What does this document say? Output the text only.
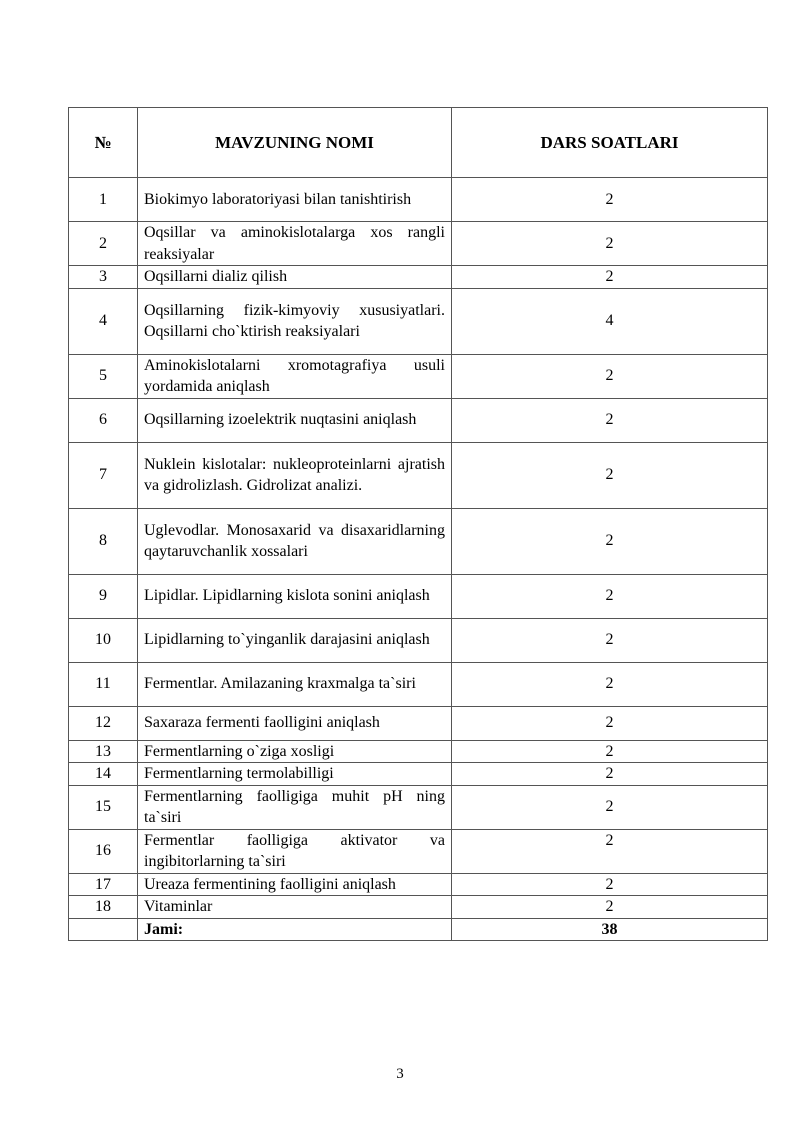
№	MAVZUNING NOMI	DARS SOATLARI
1	Biokimyo laboratoriyasi bilan tanishtirish	2
2	Oqsillar va aminokislotalarga xos rangli reaksiyalar	2
3	Oqsillarni dializ qilish	2
4	Oqsillarning fizik-kimyoviy xususiyatlari. Oqsillarni cho`ktirish reaksiyalari	4
5	Aminokislotalarni xromotagrafiya usuli yordamida aniqlash	2
6	Oqsillarning izoelektrik nuqtasini aniqlash	2
7	Nuklein kislotalar: nukleoproteinlarni ajratish va gidrolizlash. Gidrolizat analizi.	2
8	Uglevodlar. Monosaxarid va disaxaridlarning qaytaruvchanlik xossalari	2
9	Lipidlar. Lipidlarning kislota sonini aniqlash	2
10	Lipidlarning to`yinganlik darajasini aniqlash	2
11	Fermentlar. Amilazaning kraxmalga ta`siri	2
12	Saxaraza fermenti faolligini aniqlash	2
13	Fermentlarning o`ziga xosligi	2
14	Fermentlarning termolabilligi	2
15	Fermentlarning faolligiga muhit pH ning ta`siri	2
16	Fermentlar faolligiga aktivator va ingibitorlarning ta`siri	2
17	Ureaza fermentining faolligini aniqlash	2
18	Vitaminlar	2
	Jami:	38
3
